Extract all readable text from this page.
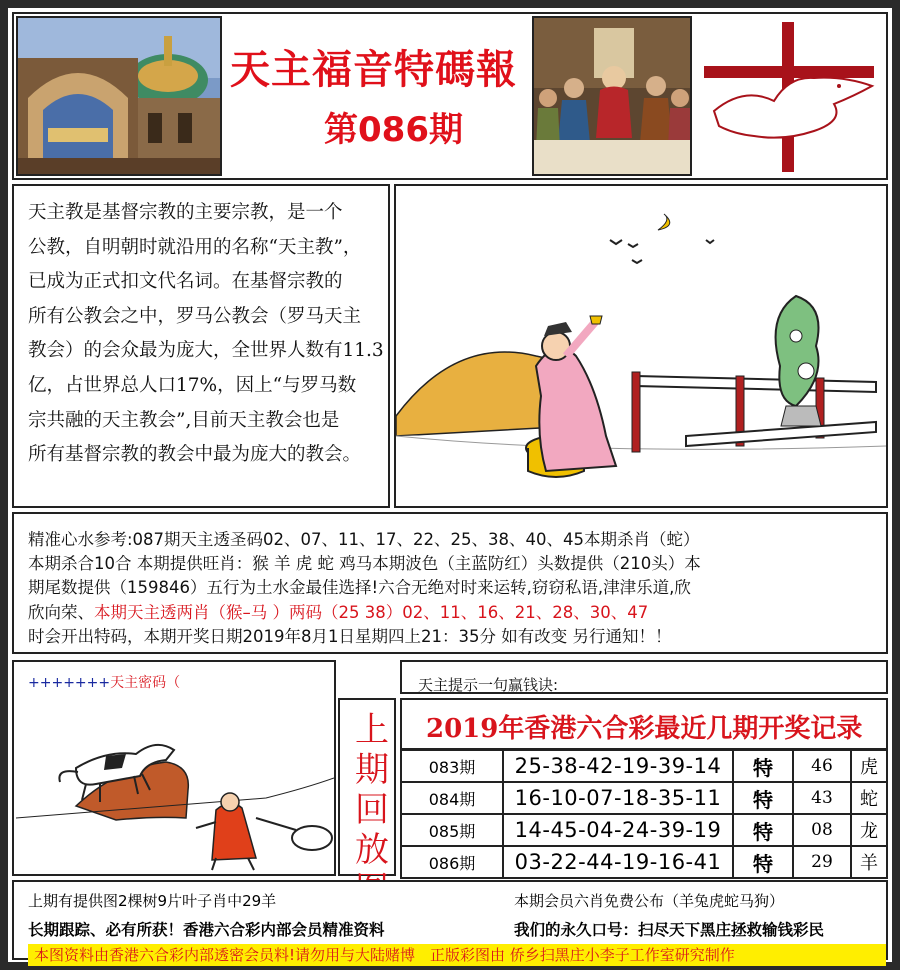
天主福音特碼報
第086期

天主教是基督宗教的主要宗教，是一个

公教，自明朝时就沿用的名称“天主教”，

已成为正式扣文代名词。在基督宗教的

所有公教会之中，罗马公教会（罗马天主

教会）的会众最为庞大，全世界人数有11.3

亿，占世界总人口17%，因上“与罗马数

宗共融的天主教会”,目前天主教会也是

所有基督宗教的教会中最为庞大的教会。

精准心水参考:087期天主透圣码02、07、11、17、22、25、38、40、45本期杀肖（蛇）

本期杀合10合 本期提供旺肖：猴 羊 虎 蛇 鸡马本期波色（主蓝防红）头数提供（210头）本

期尾数提供（159846）五行为土水金最佳选择!六合无绝对时来运转,窃窃私语,津津乐道,欣

欣向荣、本期天主透两肖（猴–马 ）两码（25 38）02、11、16、21、28、30、47

时会开出特码，本期开奖日期2019年8月1日星期四上21：35分 如有改变 另行通知！！

+++++++天主密码（
上
期
回
放
天主提示一句赢钱诀:
2019年香港六合彩最近几期开奖记录
083期	25-38-42-19-39-14	特	46	虎
084期	16-10-07-18-35-11	特	43	蛇
085期	14-45-04-24-39-19	特	08	龙
086期	03-22-44-19-16-41	特	29	羊
上期有提供图2棵树9片叶子肖中29羊	本期会员六肖免费公布（羊兔虎蛇马狗）
长期跟踪、必有所获！香港六合彩内部会员精准资料	我们的永久口号：扫尽天下黑庄拯救输钱彩民
本图资料由香港六合彩内部透密会员料!请勿用与大陆赌博　正版彩图由 侨乡扫黑庄小李子工作室研究制作
